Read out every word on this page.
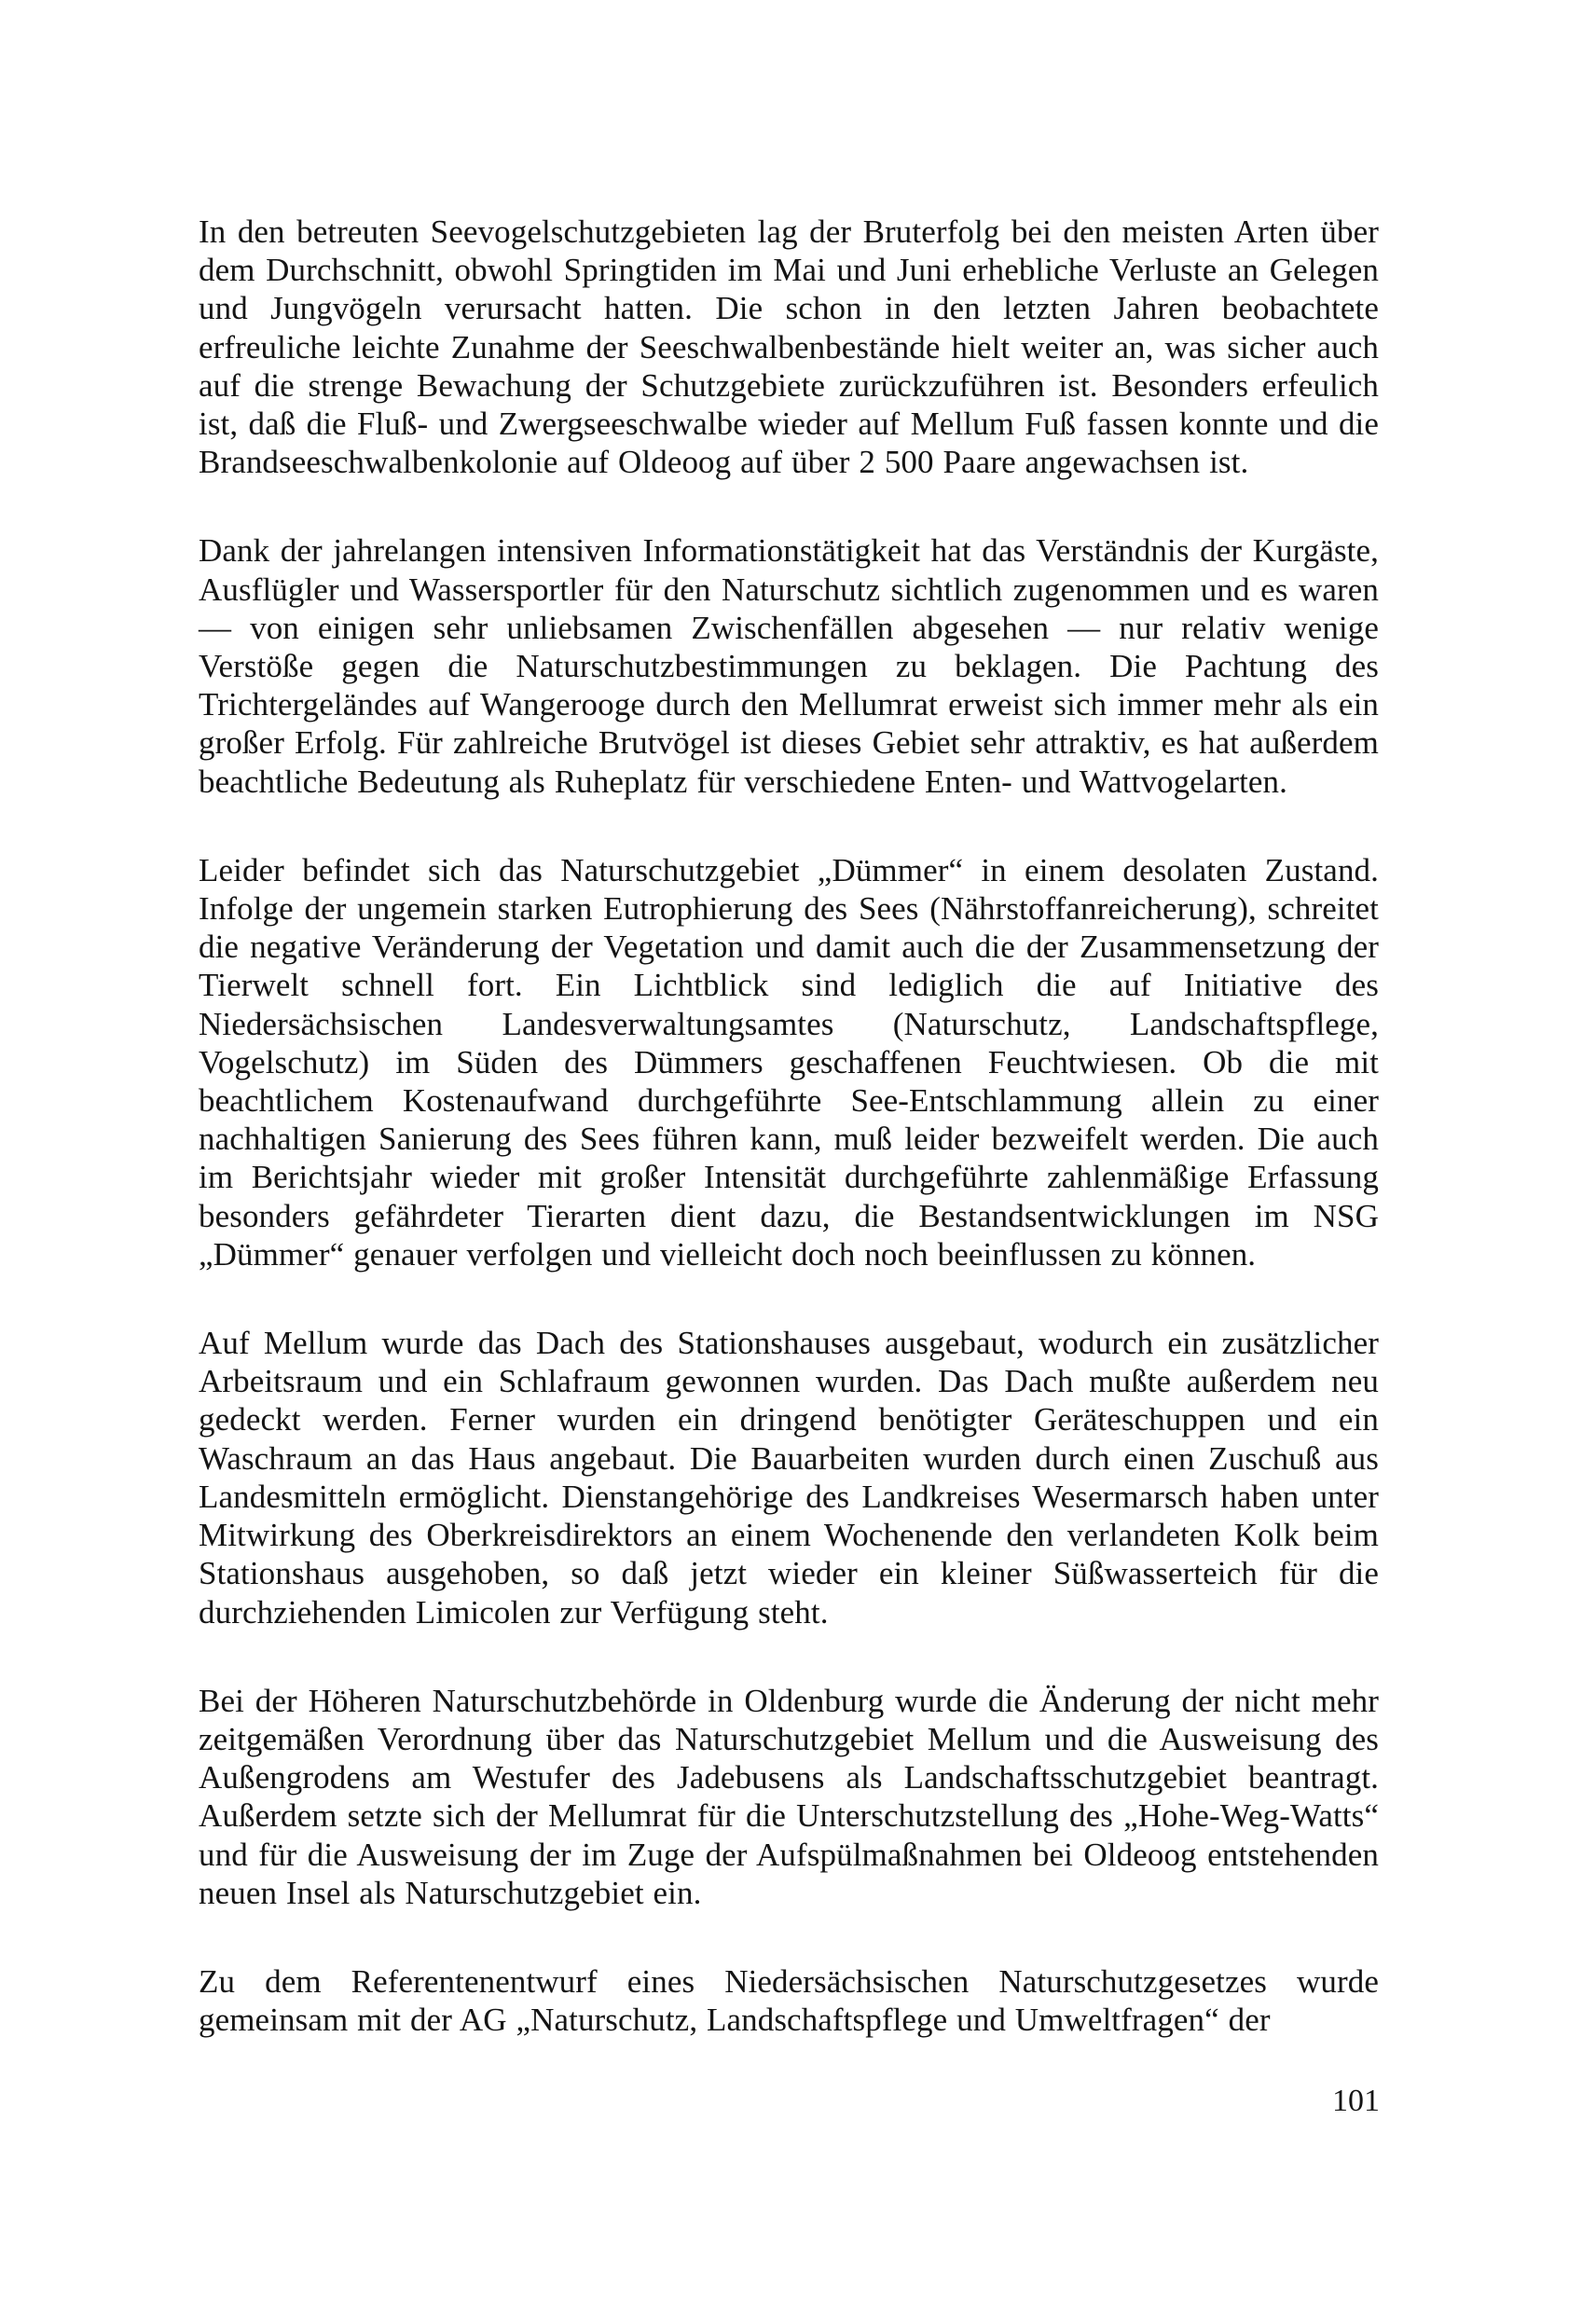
In den betreuten Seevogelschutzgebieten lag der Bruterfolg bei den meisten Arten über dem Durchschnitt, obwohl Springtiden im Mai und Juni erhebliche Verluste an Gelegen und Jungvögeln verursacht hatten. Die schon in den letzten Jahren beobachtete erfreuliche leichte Zunahme der Seeschwalbenbestände hielt weiter an, was sicher auch auf die strenge Bewachung der Schutzgebiete zurückzuführen ist. Besonders erfeulich ist, daß die Fluß- und Zwergseeschwalbe wieder auf Mellum Fuß fassen konnte und die Brandseeschwalbenkolonie auf Oldeoog auf über 2 500 Paare angewachsen ist.

Dank der jahrelangen intensiven Informationstätigkeit hat das Verständnis der Kurgäste, Ausflügler und Wassersportler für den Naturschutz sichtlich zugenommen und es waren — von einigen sehr unliebsamen Zwischenfällen abgesehen — nur relativ wenige Verstöße gegen die Naturschutzbestimmungen zu beklagen. Die Pachtung des Trichtergeländes auf Wangerooge durch den Mellumrat erweist sich immer mehr als ein großer Erfolg. Für zahlreiche Brutvögel ist dieses Gebiet sehr attraktiv, es hat außerdem beachtliche Bedeutung als Ruheplatz für verschiedene Enten- und Wattvogelarten.

Leider befindet sich das Naturschutzgebiet „Dümmer“ in einem desolaten Zustand. Infolge der ungemein starken Eutrophierung des Sees (Nährstoffanreicherung), schreitet die negative Veränderung der Vegetation und damit auch die der Zusammensetzung der Tierwelt schnell fort. Ein Lichtblick sind lediglich die auf Initiative des Niedersächsischen Landesverwaltungsamtes (Naturschutz, Landschaftspflege, Vogelschutz) im Süden des Dümmers geschaffenen Feuchtwiesen. Ob die mit beachtlichem Kostenaufwand durchgeführte See-Entschlammung allein zu einer nachhaltigen Sanierung des Sees führen kann, muß leider bezweifelt werden. Die auch im Berichtsjahr wieder mit großer Intensität durchgeführte zahlenmäßige Erfassung besonders gefährdeter Tierarten dient dazu, die Bestandsentwicklungen im NSG „Dümmer“ genauer verfolgen und vielleicht doch noch beeinflussen zu können.

Auf Mellum wurde das Dach des Stationshauses ausgebaut, wodurch ein zusätzlicher Arbeitsraum und ein Schlafraum gewonnen wurden. Das Dach mußte außerdem neu gedeckt werden. Ferner wurden ein dringend benötigter Geräteschuppen und ein Waschraum an das Haus angebaut. Die Bauarbeiten wurden durch einen Zuschuß aus Landesmitteln ermöglicht. Dienstangehörige des Landkreises Wesermarsch haben unter Mitwirkung des Oberkreisdirektors an einem Wochenende den verlandeten Kolk beim Stationshaus ausgehoben, so daß jetzt wieder ein kleiner Süßwasserteich für die durchziehenden Limicolen zur Verfügung steht.

Bei der Höheren Naturschutzbehörde in Oldenburg wurde die Änderung der nicht mehr zeitgemäßen Verordnung über das Naturschutzgebiet Mellum und die Ausweisung des Außengrodens am Westufer des Jadebusens als Landschaftsschutzgebiet beantragt. Außerdem setzte sich der Mellumrat für die Unterschutzstellung des „Hohe-Weg-Watts“ und für die Ausweisung der im Zuge der Aufspülmaßnahmen bei Oldeoog entstehenden neuen Insel als Naturschutzgebiet ein.

Zu dem Referentenentwurf eines Niedersächsischen Naturschutzgesetzes wurde gemeinsam mit der AG „Naturschutz, Landschaftspflege und Umweltfragen“ der

101
